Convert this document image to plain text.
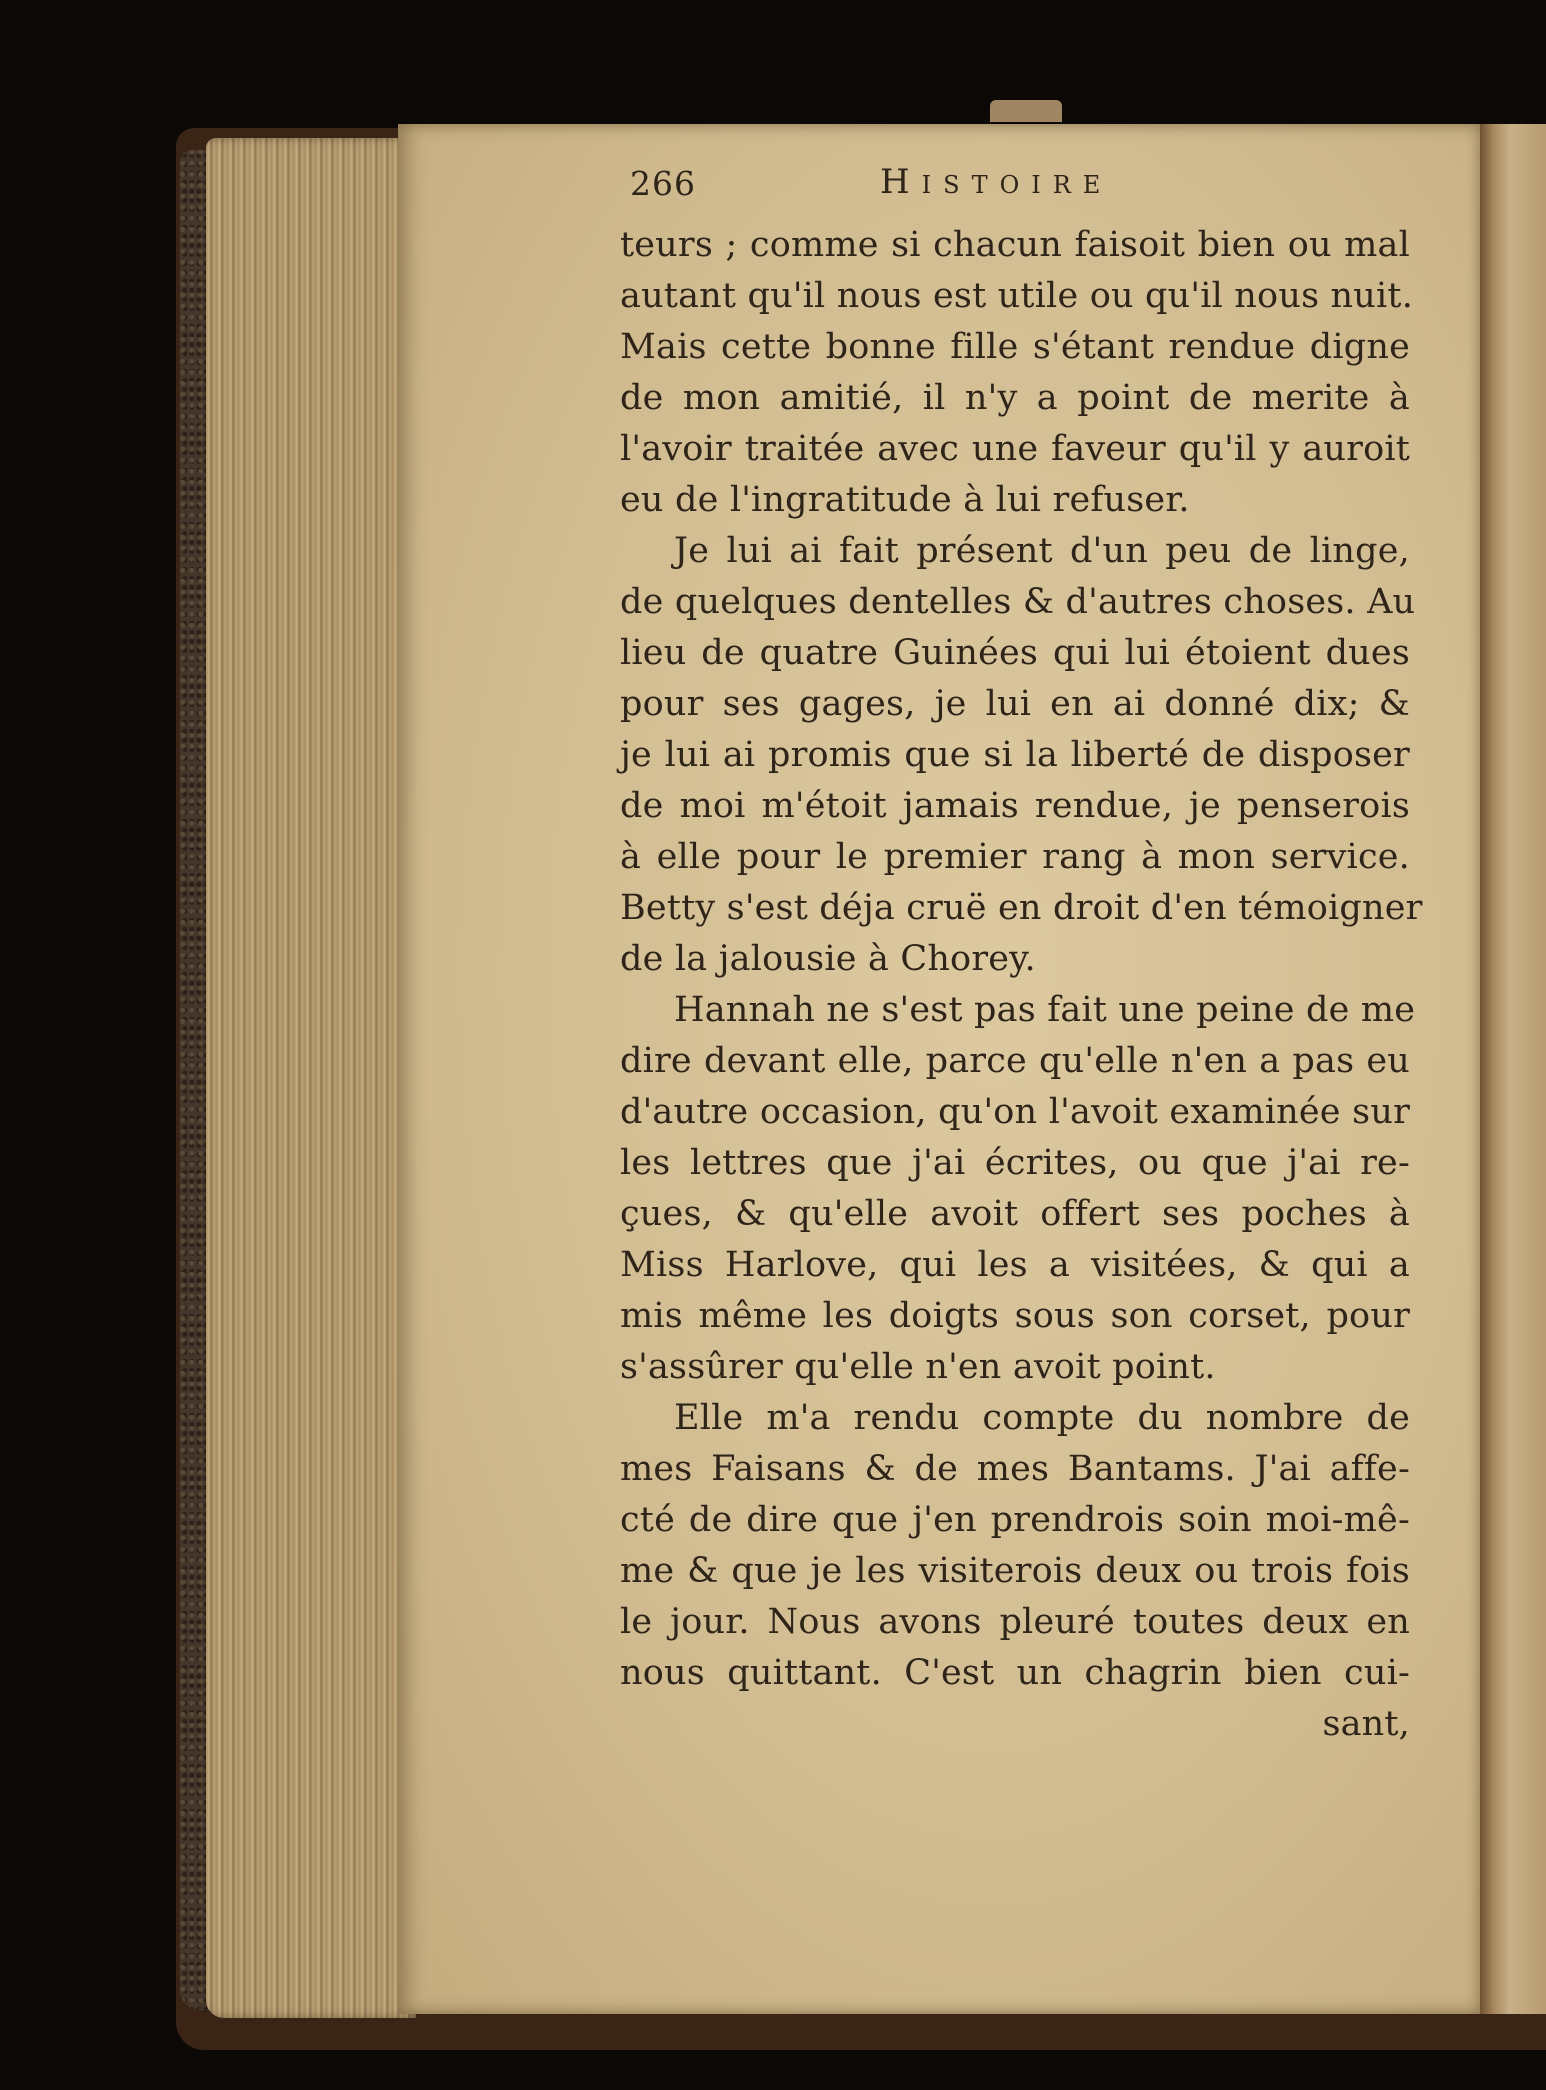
266	Histoire
teurs ; comme si chacun faisoit bien ou mal
autant qu'il nous est utile ou qu'il nous nuit.
Mais cette bonne fille s'étant rendue digne
de mon amitié, il n'y a point de merite à
l'avoir traitée avec une faveur qu'il y auroit
eu de l'ingratitude à lui refuser.
Je lui ai fait présent d'un peu de linge,
de quelques dentelles & d'autres choses. Au
lieu de quatre Guinées qui lui étoient dues
pour ses gages, je lui en ai donné dix; &
je lui ai promis que si la liberté de disposer
de moi m'étoit jamais rendue, je penserois
à elle pour le premier rang à mon service.
Betty s'est déja cruë en droit d'en témoigner
de la jalousie à Chorey.
Hannah ne s'est pas fait une peine de me
dire devant elle, parce qu'elle n'en a pas eu
d'autre occasion, qu'on l'avoit examinée sur
les lettres que j'ai écrites, ou que j'ai re-
çues, & qu'elle avoit offert ses poches à
Miss Harlove, qui les a visitées, & qui a
mis même les doigts sous son corset, pour
s'assûrer qu'elle n'en avoit point.
Elle m'a rendu compte du nombre de
mes Faisans & de mes Bantams. J'ai affe-
cté de dire que j'en prendrois soin moi-mê-
me & que je les visiterois deux ou trois fois
le jour. Nous avons pleuré toutes deux en
nous quittant. C'est un chagrin bien cui-
sant,
